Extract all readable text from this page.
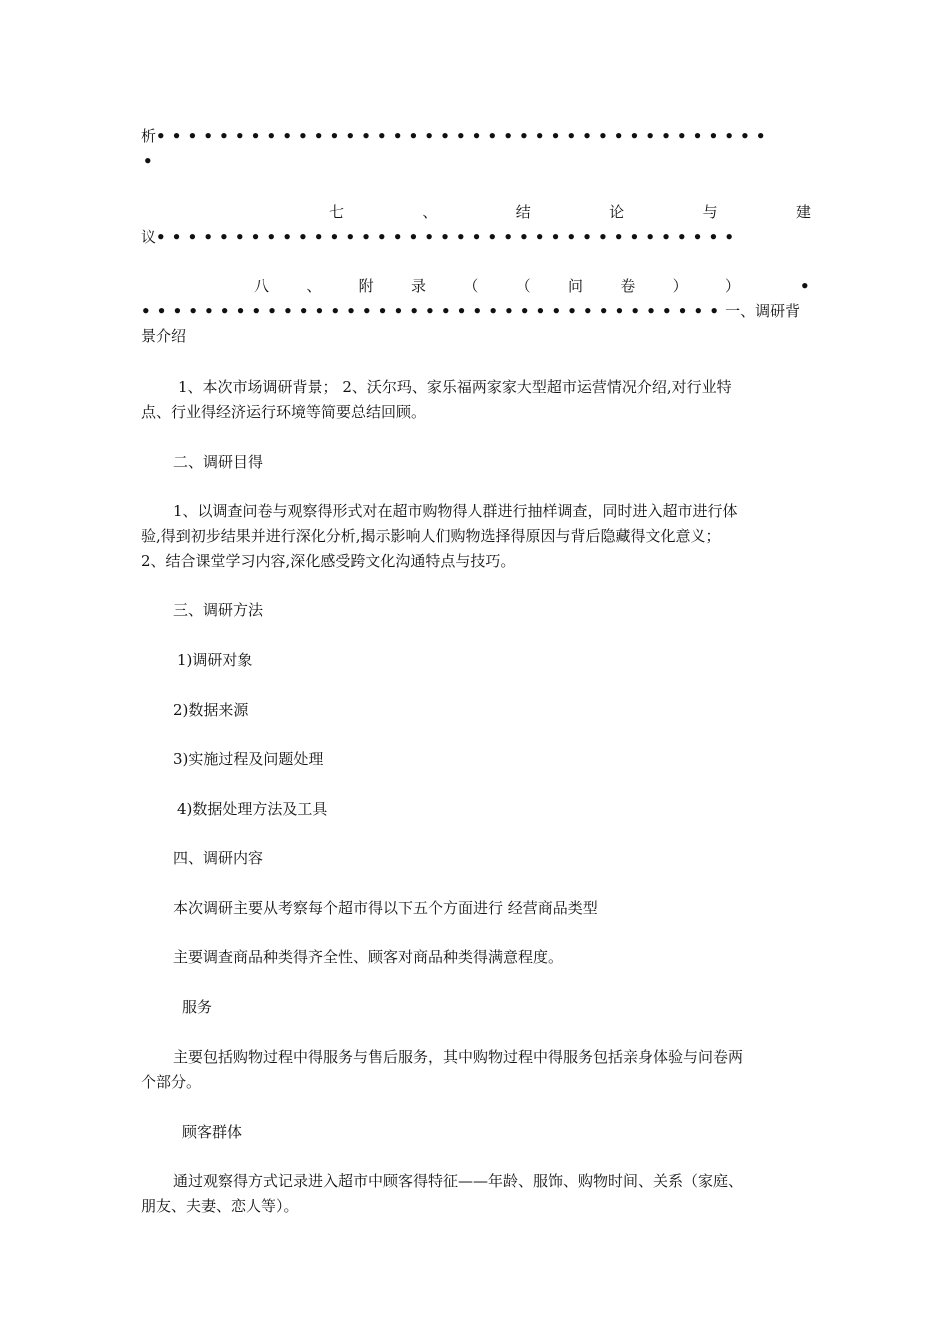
析•••••••••••••••••••••••••••••••••••••••
•
七	、	结	论	与	建
议•••••••••••••••••••••••••••••••••••••
八 、 附 录 （ （ 问 卷 ） ）	•
•••••••••••••••••••••••••••••••••••••一、调研背
景介绍
1、本次市场调研背景； 2、沃尔玛、家乐福两家家大型超市运营情况介绍,对行业特
点、行业得经济运行环境等简要总结回顾。
二、调研目得
1、以调查问卷与观察得形式对在超市购物得人群进行抽样调查，同时进入超市进行体
验,得到初步结果并进行深化分析,揭示影响人们购物选择得原因与背后隐藏得文化意义；
2、结合课堂学习内容,深化感受跨文化沟通特点与技巧。
三、调研方法
1)调研对象
2)数据来源
3)实施过程及问题处理
4)数据处理方法及工具
四、调研内容
本次调研主要从考察每个超市得以下五个方面进行 经营商品类型
主要调查商品种类得齐全性、顾客对商品种类得满意程度。
服务
主要包括购物过程中得服务与售后服务，其中购物过程中得服务包括亲身体验与问卷两
个部分。
顾客群体
通过观察得方式记录进入超市中顾客得特征——年龄、服饰、购物时间、关系（家庭、
朋友、夫妻、恋人等）。
